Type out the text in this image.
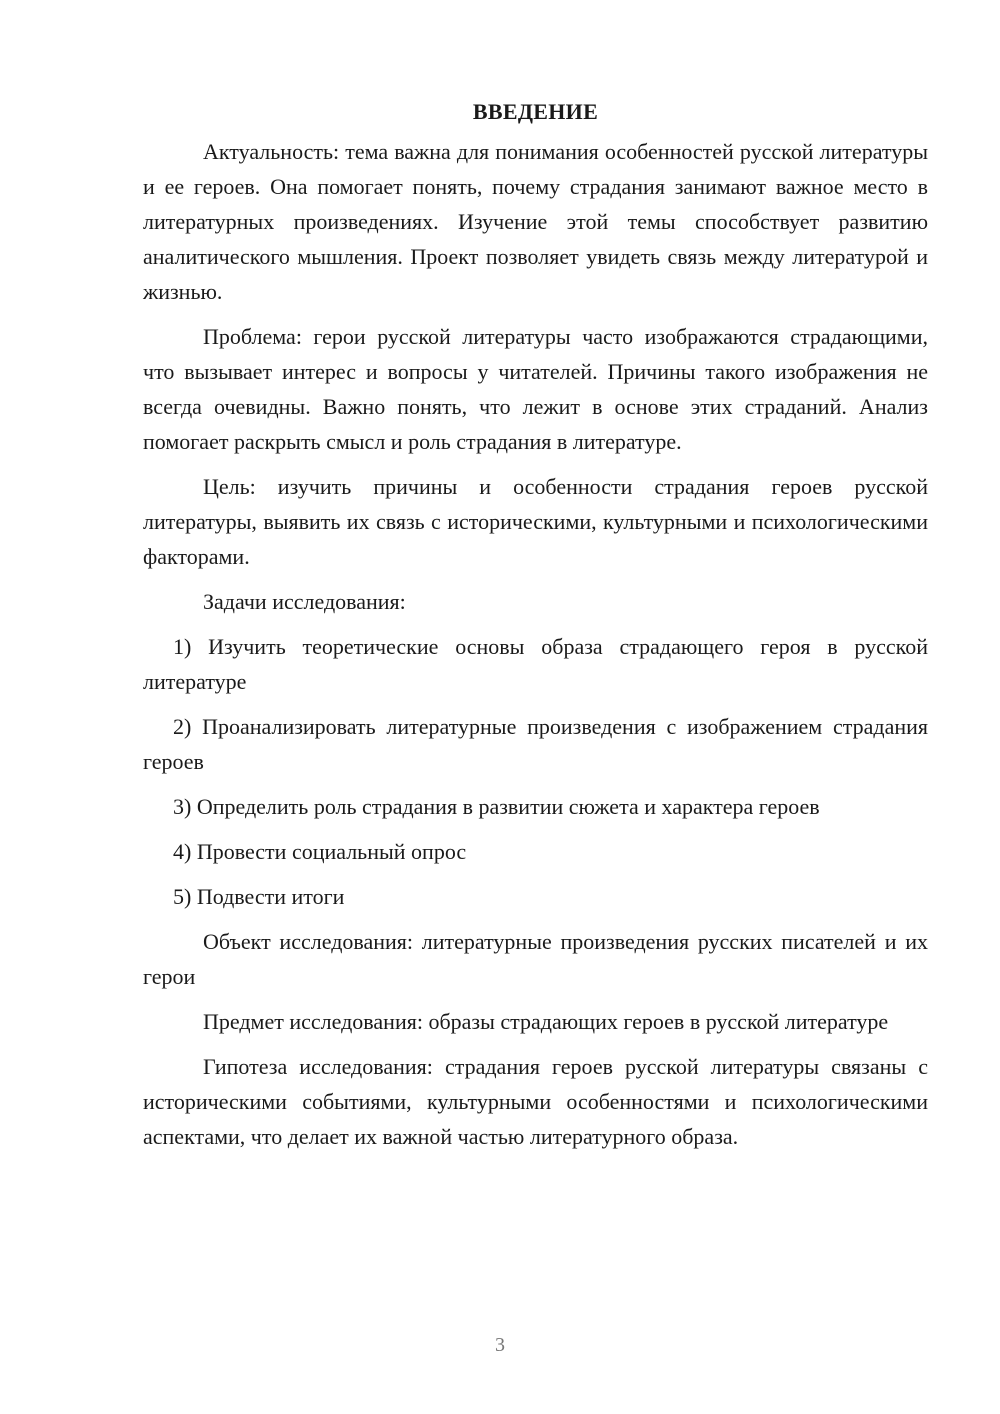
ВВЕДЕНИЕ

Актуальность: тема важна для понимания особенностей русской литературы и ее героев. Она помогает понять, почему страдания занимают важное место в литературных произведениях. Изучение этой темы способствует развитию аналитического мышления. Проект позволяет увидеть связь между литературой и жизнью.

Проблема: герои русской литературы часто изображаются страдающими, что вызывает интерес и вопросы у читателей. Причины такого изображения не всегда очевидны. Важно понять, что лежит в основе этих страданий. Анализ помогает раскрыть смысл и роль страдания в литературе.

Цель: изучить причины и особенности страдания героев русской литературы, выявить их связь с историческими, культурными и психологическими факторами.

Задачи исследования:

1) Изучить теоретические основы образа страдающего героя в русской литературе

2) Проанализировать литературные произведения с изображением страдания героев

3) Определить роль страдания в развитии сюжета и характера героев

4) Провести социальный опрос

5) Подвести итоги

Объект исследования: литературные произведения русских писателей и их герои

Предмет исследования: образы страдающих героев в русской литературе

Гипотеза исследования: страдания героев русской литературы связаны с историческими событиями, культурными особенностями и психологическими аспектами, что делает их важной частью литературного образа.

3
